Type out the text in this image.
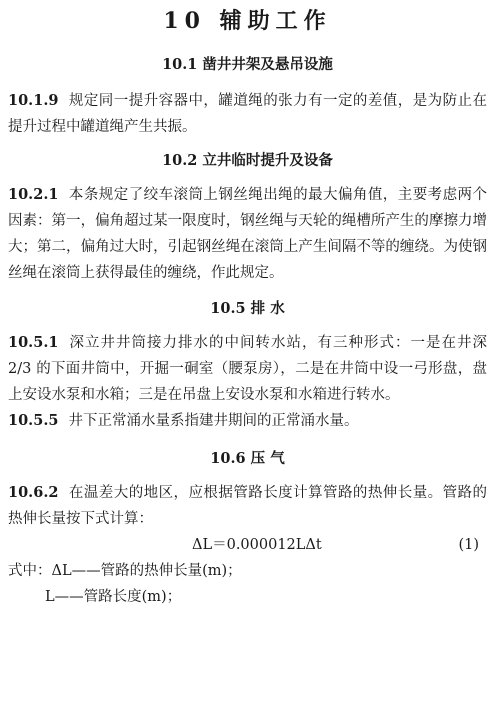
10 辅助工作
10.1 凿井井架及悬吊设施

10.1.9 规定同一提升容器中，罐道绳的张力有一定的差值，是为防止在提升过程中罐道绳产生共振。

10.2 立井临时提升及设备

10.2.1 本条规定了绞车滚筒上钢丝绳出绳的最大偏角值，主要考虑两个因素：第一，偏角超过某一限度时，钢丝绳与天轮的绳槽所产生的摩擦力增大；第二，偏角过大时，引起钢丝绳在滚筒上产生间隔不等的缠绕。为使钢丝绳在滚筒上获得最佳的缠绕，作此规定。

10.5 排 水

10.5.1 深立井井筒接力排水的中间转水站，有三种形式：一是在井深 2/3 的下面井筒中，开掘一硐室（腰泵房），二是在井筒中设一弓形盘，盘上安设水泵和水箱；三是在吊盘上安设水泵和水箱进行转水。

10.5.5 井下正常涌水量系指建井期间的正常涌水量。

10.6 压 气

10.6.2 在温差大的地区，应根据管路长度计算管路的热伸长量。管路的热伸长量按下式计算：

ΔL＝0.000012LΔt	(1)

式中：ΔL——管路的热伸长量(m)；

L——管路长度(m)；
